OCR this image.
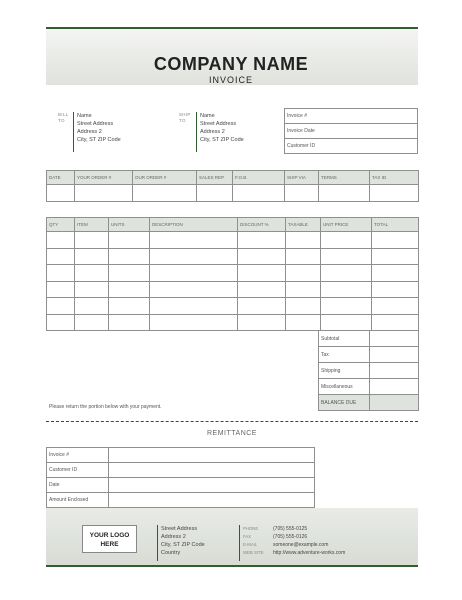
COMPANY NAME
INVOICE
BILL
TO
Name
Street Address
Address 2
City, ST ZIP Code
SHIP
TO
Name
Street Address
Address 2
City, ST ZIP Code
Invoice #
Invoice Date
Customer ID
DATE	YOUR ORDER #	OUR ORDER #	SALES REP.	F.O.B.	SHIP VIA	TERMS	TAX ID

QTY	ITEM	UNITS	DESCRIPTION	DISCOUNT %	TAXABLE	UNIT PRICE	TOTAL

Subtotal	
Tax	
Shipping	
Miscellaneous	
BALANCE DUE	
Please return the portion below with your payment.
REMITTANCE
Invoice #	
Customer ID	
Date	
Amount Enclosed	
YOUR LOGO
HERE
Street Address
Address 2
City, ST ZIP Code
Country
PHONE	(705) 555-0125
FAX	(705) 555-0126
E-MAIL	someone@example.com
WEB SITE http://www.adventure-works.com
